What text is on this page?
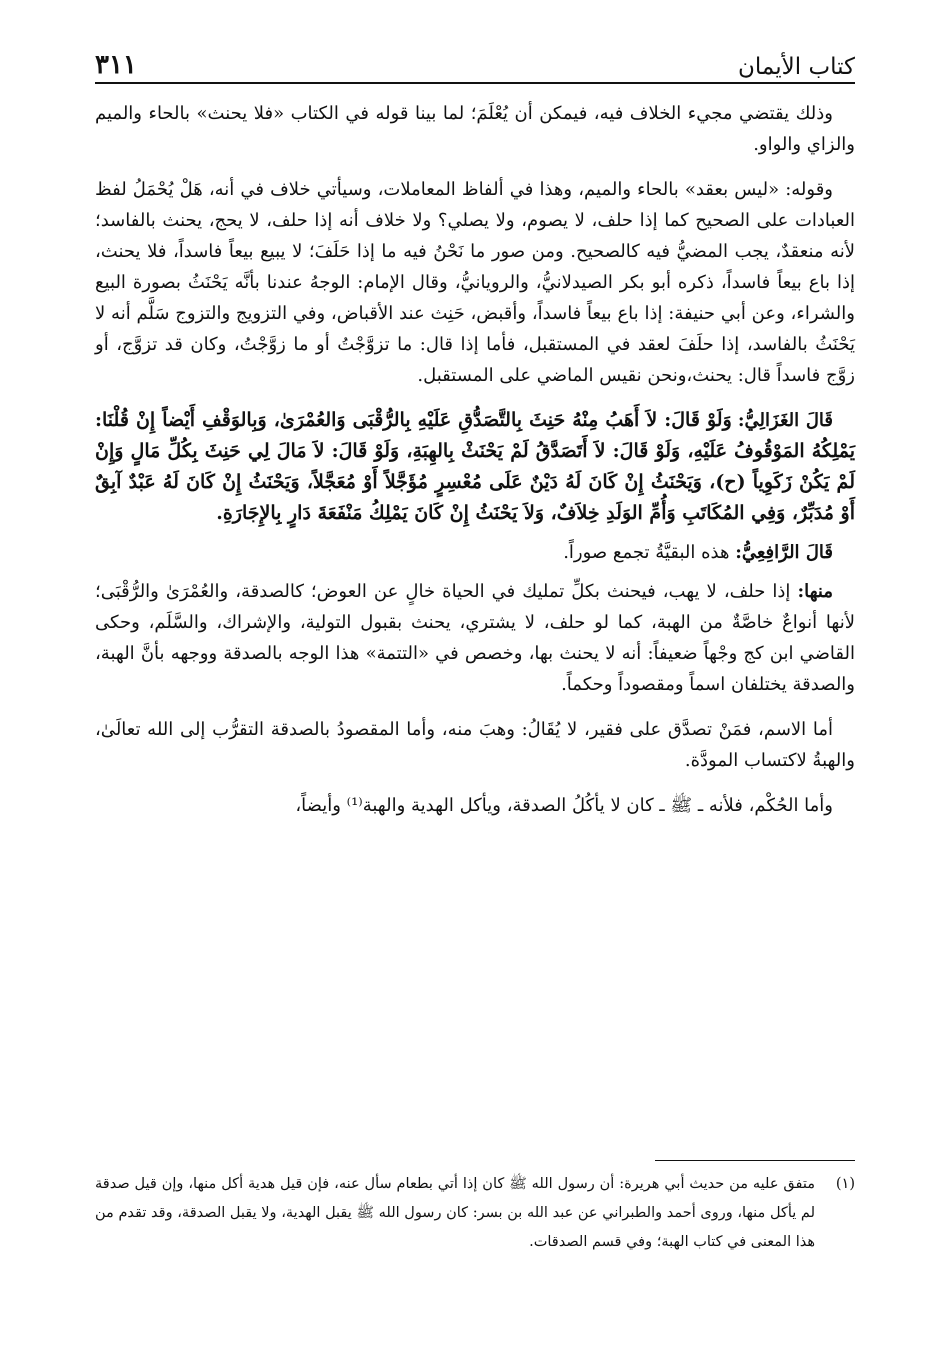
كتاب الأيمان
٣١١

وذلك يقتضي مجيء الخلاف فيه، فيمكن أن يُعْلَمَ؛ لما بينا قوله في الكتاب «فلا يحنث» بالحاء والميم والزاي والواو.

وقوله: «ليس بعقد» بالحاء والميم، وهذا في ألفاظ المعاملات، وسيأتي خلاف في أنه، هَلْ يُحْمَلُ لفظ العبادات على الصحيح كما إذا حلف، لا يصوم، ولا يصلي؟ ولا خلاف أنه إذا حلف، لا يحج، يحنث بالفاسد؛ لأنه منعقدٌ، يجب المضيُّ فيه كالصحيح. ومن صور ما نَحْنُ فيه ما إذا حَلَفَ؛ لا يبيع بيعاً فاسداً، فلا يحنث، إذا باع بيعاً فاسداً، ذكره أبو بكر الصيدلانيُّ، والرويانيُّ، وقال الإمام: الوجهُ عندنا بأنَّه يَحْنَثُ بصورة البيع والشراء، وعن أبي حنيفة: إذا باع بيعاً فاسداً، وأقبض، حَنِث عند الأقباض، وفي التزويج والتزوج سَلَّم أنه لا يَحْنَثُ بالفاسد، إذا حلَفَ لعقد في المستقبل، فأما إذا قال: ما تزوَّجْتُ أو ما زوَّجْتُ، وكان قد تزوَّج، أو زوَّج فاسداً قال: يحنث،ونحن نقيس الماضي على المستقبل.

قَالَ الغَزَالِيُّ: وَلَوْ قَالَ: لاَ أَهَبُ مِنْهُ حَنِثَ بِالتَّصَدُّقِ عَلَيْهِ بِالرُّقْبَى وَالعُمْرَىٰ، وَبِالوَقْفِ أَيْضاً إِنْ قُلْنَا: يَمْلِكُهُ المَوْقُوفُ عَلَيْهِ، وَلَوْ قَالَ: لاَ أَتَصَدَّقُ لَمْ يَحْنَثْ بِالهِبَةِ، وَلَوْ قَالَ: لاَ مَالَ لِي حَنِثَ بِكُلِّ مَالٍ وَإِنْ لَمْ يَكُنْ زَكَوِياً (ح)، وَيَحْنَثُ إِنْ كَانَ لَهُ دَيْنٌ عَلَى مُعْسِرٍ مُؤَجَّلاً أَوْ مُعَجَّلاً، وَيَحْنَثُ إِنْ كَانَ لَهُ عَبْدٌ آبِقٌ أَوْ مُدَبِّرٌ، وَفِي المُكَاتَبِ وَأُمِّ الوَلَدِ خِلاَفٌ، وَلاَ يَحْنَثُ إِنْ كَانَ يَمْلِكُ مَنْفَعَةَ دَارٍ بِالإِجَارَةِ.

قَالَ الرَّافِعِيُّ: هذه البقيَّةُ تجمع صوراً.

منها: إذا حلف، لا يهب، فيحنث بكلِّ تمليك في الحياة خالٍ عن العوض؛ كالصدقة، والعُمْرَىٰ والرُّقْبَى؛ لأنها أنواعٌ خاصَّةٌ من الهبة، كما لو حلف، لا يشتري، يحنث بقبول التولية، والإشراك، والسَّلَم، وحكى القاضي ابن كج وجْهاً ضعيفاً: أنه لا يحنث بها، وخصص في «التتمة» هذا الوجه بالصدقة ووجهه بأنَّ الهبة، والصدقة يختلفان اسماً ومقصوداً وحكماً.

أما الاسم، فمَنْ تصدَّق على فقير، لا يُقَالُ: وهبَ منه، وأما المقصودُ بالصدقة التقرُّب إلى الله تعالَىٰ، والهبةُ لاكتساب المودَّة.

وأما الحُكْم، فلأنه ـ ﷺ ـ كان لا يأكُلُ الصدقة، ويأكل الهدية والهبة⁽¹⁾ وأيضاً،

(١)
متفق عليه من حديث أبي هريرة: أن رسول الله ﷺ كان إذا أتي بطعام سأل عنه، فإن قيل هدية أكل منها، وإن قيل صدقة لم يأكل منها، وروى أحمد والطبراني عن عبد الله بن بسر: كان رسول الله ﷺ يقبل الهدية، ولا يقبل الصدقة، وقد تقدم من هذا المعنى في كتاب الهبة؛ وفي قسم الصدقات.
